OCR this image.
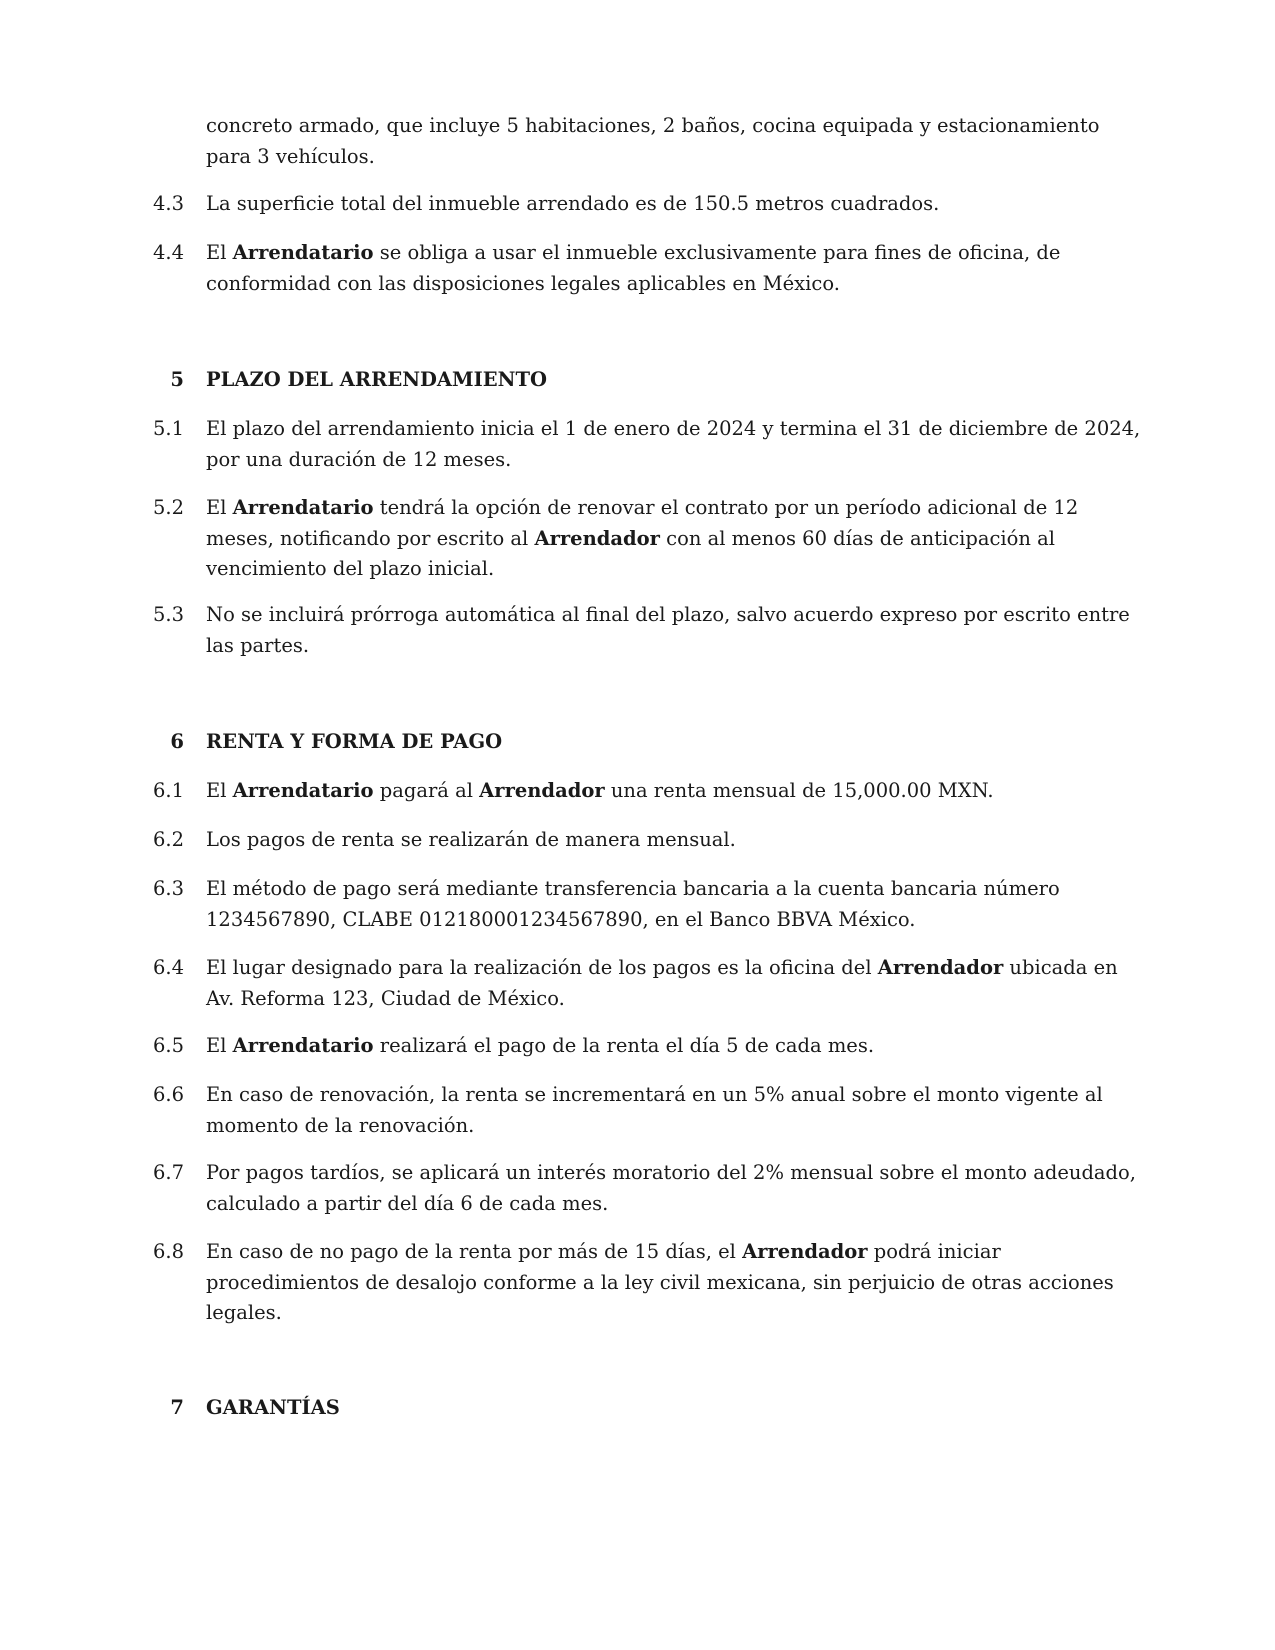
concreto armado, que incluye 5 habitaciones, 2 baños, cocina equipada y estacionamiento para 3 vehículos.
4.3 La superficie total del inmueble arrendado es de 150.5 metros cuadrados.
4.4 El Arrendatario se obliga a usar el inmueble exclusivamente para fines de oficina, de conformidad con las disposiciones legales aplicables en México.
5 PLAZO DEL ARRENDAMIENTO
5.1 El plazo del arrendamiento inicia el 1 de enero de 2024 y termina el 31 de diciembre de 2024, por una duración de 12 meses.
5.2 El Arrendatario tendrá la opción de renovar el contrato por un período adicional de 12 meses, notificando por escrito al Arrendador con al menos 60 días de anticipación al vencimiento del plazo inicial.
5.3 No se incluirá prórroga automática al final del plazo, salvo acuerdo expreso por escrito entre las partes.
6 RENTA Y FORMA DE PAGO
6.1 El Arrendatario pagará al Arrendador una renta mensual de 15,000.00 MXN.
6.2 Los pagos de renta se realizarán de manera mensual.
6.3 El método de pago será mediante transferencia bancaria a la cuenta bancaria número 1234567890, CLABE 012180001234567890, en el Banco BBVA México.
6.4 El lugar designado para la realización de los pagos es la oficina del Arrendador ubicada en Av. Reforma 123, Ciudad de México.
6.5 El Arrendatario realizará el pago de la renta el día 5 de cada mes.
6.6 En caso de renovación, la renta se incrementará en un 5% anual sobre el monto vigente al momento de la renovación.
6.7 Por pagos tardíos, se aplicará un interés moratorio del 2% mensual sobre el monto adeudado, calculado a partir del día 6 de cada mes.
6.8 En caso de no pago de la renta por más de 15 días, el Arrendador podrá iniciar procedimientos de desalojo conforme a la ley civil mexicana, sin perjuicio de otras acciones legales.
7 GARANTÍAS
